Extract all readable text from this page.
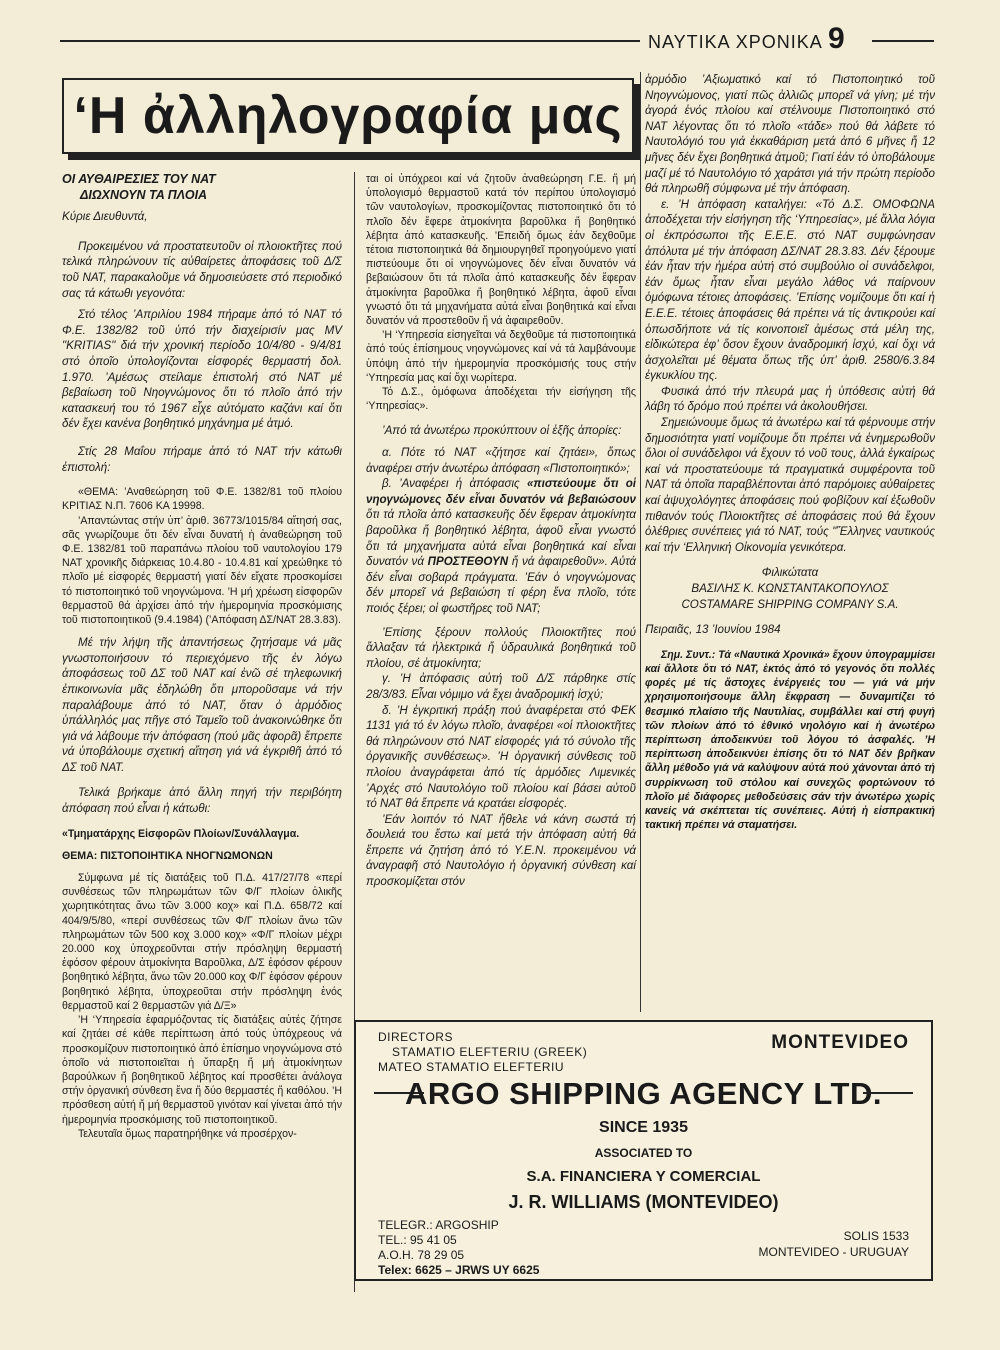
ΝΑΥΤΙΚΑ ΧΡΟΝΙΚΑ 9
‘Η ἀλληλογραφία μας

ΟΙ ΑΥΘΑΙΡΕΣΙΕΣ ΤΟΥ ΝΑΤ

ΔΙΩΧΝΟΥΝ ΤΑ ΠΛΟΙΑ

Κύριε Διευθυντά,

Προκειμένου νά προστατευτοῦν οἱ πλοιοκτῆτες πού τελικά πληρώνουν τίς αὐθαίρετες ἀποφάσεις τοῦ Δ/Σ τοῦ ΝΑΤ, παρακαλοῦμε νά δημοσιεύσετε στό περιοδικό σας τά κάτωθι γεγονότα:

Στό τέλος ’Απριλίου 1984 πήραμε ἀπό τό ΝΑΤ τό Φ.Ε. 1382/82 τοῦ ὑπό τήν διαχείρισίν μας MV "KRITIAS" διά τήν χρονική περίοδο 10/4/80 - 9/4/81 στό ὁποῖο ὑπολογίζονται εἰσφορές θερμαστή δολ. 1.970. ’Αμέσως στείλαμε ἐπιστολή στό ΝΑΤ μέ βεβαίωση τοῦ Νηογνώμονος ὅτι τό πλοῖο ἀπό τήν κατασκευή του τό 1967 εἶχε αὐτόματο καζάνι καί ὅτι δέν ἔχει κανένα βοηθητικό μηχάνημα μέ ἀτμό.

Στίς 28 Μαΐου πήραμε ἀπό τό ΝΑΤ τήν κάτωθι ἐπιστολή:

«ΘΕΜΑ: ’Αναθεώρηση τοῦ Φ.Ε. 1382/81 τοῦ πλοίου ΚΡΙΤΙΑΣ Ν.Π. 7606 ΚΑ 19998.

’Απαντώντας στήν ὑπ’ ἀριθ. 36773/1015/84 αἴτησή σας, σᾶς γνωρίζουμε ὅτι δέν εἶναι δυνατή ἡ ἀναθεώρηση τοῦ Φ.Ε. 1382/81 τοῦ παραπάνω πλοίου τοῦ ναυτολογίου 179 ΝΑΤ χρονικῆς διάρκειας 10.4.80 - 10.4.81 καί χρεώθηκε τό πλοῖο μέ εἰσφορές θερμαστή γιατί δέν εἴχατε προσκομίσει τό πιστοποιητικό τοῦ νηογνώμονα. ’Η μή χρέωση εἰσφορῶν θερμαστοῦ θά ἀρχίσει ἀπό τήν ἡμερομηνία προσκόμισης τοῦ πιστοποιητικοῦ (9.4.1984) (’Απόφαση ΔΣ/ΝΑΤ 28.3.83).

Μέ τήν λήψη τῆς ἀπαντήσεως ζητήσαμε νά μᾶς γνωστοποιήσουν τό περιεχόμενο τῆς ἐν λόγω ἀποφάσεως τοῦ ΔΣ τοῦ ΝΑΤ καί ἐνῶ σέ τηλεφωνική ἐπικοινωνία μᾶς ἐδηλώθη ὅτι μποροῦσαμε νά τήν παραλάβουμε ἀπό τό ΝΑΤ, ὅταν ὁ ἁρμόδιος ὑπάλληλός μας πῆγε στό Ταμεῖο τοῦ ἀνακοινώθηκε ὅτι γιά νά λάβουμε τήν ἀπόφαση (πού μᾶς ἀφορᾶ) ἔπρεπε νά ὑποβάλουμε σχετική αἴτηση γιά νά ἐγκριθῆ ἀπό τό ΔΣ τοῦ ΝΑΤ.

Τελικά βρήκαμε ἀπό ἄλλη πηγή τήν περιβόητη ἀπόφαση πού εἶναι ἡ κάτωθι:

«Τμηματάρχης Εἰσφορῶν Πλοίων/Συνάλλαγμα.

ΘΕΜΑ: ΠΙΣΤΟΠΟΙΗΤΙΚΑ ΝΗΟΓΝΩΜΟΝΩΝ

Σύμφωνα μέ τίς διατάξεις τοῦ Π.Δ. 417/27/78 «περί συνθέσεως τῶν πληρωμάτων τῶν Φ/Γ πλοίων ὁλικῆς χωρητικότητας ἄνω τῶν 3.000 κοχ» καί Π.Δ. 658/72 καί 404/9/5/80, «περί συνθέσεως τῶν Φ/Γ πλοίων ἄνω τῶν πληρωμάτων τῶν 500 κοχ 3.000 κοχ» «Φ/Γ πλοίων μέχρι 20.000 κοχ ὑποχρεοῦνται στήν πρόσληψη θερμαστή ἐφόσον φέρουν ἀτμοκίνητα Βαροῦλκα, Δ/Σ ἐφόσον φέρουν βοηθητικό λέβητα, ἄνω τῶν 20.000 κοχ Φ/Γ ἐφόσον φέρουν βοηθητικό λέβητα, ὑποχρεοῦται στήν πρόσληψη ἑνός θερμαστοῦ καί 2 θερμαστῶν γιά Δ/Ξ»

’Η ‘Υπηρεσία ἐφαρμόζοντας τίς διατάξεις αὐτές ζήτησε καί ζητάει σέ κάθε περίπτωση ἀπό τούς ὑπόχρεους νά προσκομίζουν πιστοποιητικό ἀπό ἐπίσημο νηογνώμονα στό ὁποῖο νά πιστοποιεῖται ἡ ὕπαρξη ἤ μή ἀτμοκίνητων βαρούλκων ἤ βοηθητικοῦ λέβητος καί προσθέτει ἀνάλογα στήν ὀργανική σύνθεση ἕνα ἤ δύο θερμαστές ἤ καθόλου. ’Η πρόσθεση αὐτή ἤ μή θερμαστοῦ γινόταν καί γίνεται ἀπό τήν ἡμερομηνία προσκόμισης τοῦ πιστοποιητικοῦ.

Τελευταῖα ὅμως παρατηρήθηκε νά προσέρχον-

ται οἱ ὑπόχρεοι καί νά ζητοῦν ἀναθεώρηση Γ.Ε. ἤ μή ὑπολογισμό θερμαστοῦ κατά τόν περίπου ὑπολογισμό τῶν ναυτολογίων, προσκομίζοντας πιστοποιητικό ὅτι τό πλοῖο δέν ἔφερε ἀτμοκίνητα βαροῦλκα ἤ βοηθητικό λέβητα ἀπό κατασκευῆς. ’Επειδή ὅμως ἐάν δεχθοῦμε τέτοια πιστοποιητικά θά δημιουργηθεῖ προηγούμενο γιατί πιστεύουμε ὅτι οἱ νηογνώμονες δέν εἶναι δυνατόν νά βεβαιώσουν ὅτι τά πλοῖα ἀπό κατασκευῆς δέν ἔφεραν ἀτμοκίνητα βαροῦλκα ἤ βοηθητικό λέβητα, ἀφοῦ εἶναι γνωστό ὅτι τά μηχανήματα αὐτά εἶναι βοηθητικά καί εἶναι δυνατόν νά προστεθοῦν ἤ νά ἀφαιρεθοῦν.

’Η ‘Υπηρεσία εἰσηγεῖται νά δεχθοῦμε τά πιστοποιητικά ἀπό τούς ἐπίσημους νηογνώμονες καί νά τά λαμβάνουμε ὑπόψη ἀπό τήν ἡμερομηνία προσκόμισής τους στήν ‘Υπηρεσία μας καί ὄχι νωρίτερα.

Τό Δ.Σ., ὁμόφωνα ἀποδέχεται τήν εἰσήγηση τῆς ‘Υπηρεσίας».

’Από τά ἀνωτέρω προκύπτουν οἱ ἑξῆς ἀπορίες:

α. Πότε τό ΝΑΤ «ζήτησε καί ζητάει», ὅπως ἀναφέρει στήν ἀνωτέρω ἀπόφαση «Πιστοποιητικό»;

β. ’Αναφέρει ἡ ἀπόφασις «πιστεύουμε ὅτι οἱ νηογνώμονες δέν εἶναι δυνατόν νά βεβαιώσουν ὅτι τά πλοῖα ἀπό κατασκευῆς δέν ἔφεραν ἀτμοκίνητα βαροῦλκα ἤ βοηθητικό λέβητα, ἀφοῦ εἶναι γνωστό ὅτι τά μηχανήματα αὐτά εἶναι βοηθητικά καί εἶναι δυνατόν νά ΠΡΟΣΤΕΘΟΥΝ ἤ νά ἀφαιρεθοῦν». Αὐτά δέν εἶναι σοβαρά πράγματα. ’Εάν ὁ νηογνώμονας δέν μπορεῖ νά βεβαιώση τί φέρη ἕνα πλοῖο, τότε ποιός ξέρει; οἱ φωστῆρες τοῦ ΝΑΤ;

’Επίσης ξέρουν πολλούς Πλοιοκτῆτες πού ἄλλαξαν τά ἠλεκτρικά ἤ ὑδραυλικά βοηθητικά τοῦ πλοίου, σέ ἀτμοκίνητα;

γ. ’Η ἀπόφασις αὐτή τοῦ Δ/Σ πάρθηκε στίς 28/3/83. Εἶναι νόμιμο νά ἔχει ἀναδρομική ἰσχύ;

δ. ’Η ἐγκριτική πράξη πού ἀναφέρεται στό ΦΕΚ 1131 γιά τό ἐν λόγω πλοῖο, ἀναφέρει «οἱ πλοιοκτῆτες θά πληρώνουν στό ΝΑΤ εἰσφορές γιά τό σύνολο τῆς ὀργανικῆς συνθέσεως». ’Η ὀργανική σύνθεσις τοῦ πλοίου ἀναγράφεται ἀπό τίς ἁρμόδιες Λιμενικές ’Αρχές στό Ναυτολόγιο τοῦ πλοίου καί βάσει αὐτοῦ τό ΝΑΤ θά ἔπρεπε νά κρατάει εἰσφορές.

’Εάν λοιπόν τό ΝΑΤ ἤθελε νά κάνη σωστά τή δουλειά του ἔστω καί μετά τήν ἀπόφαση αὐτή θά ἔπρεπε νά ζητήση ἀπό τό Υ.Ε.Ν. προκειμένου νά ἀναγραφῆ στό Ναυτολόγιο ἡ ὀργανική σύνθεση καί προσκομίζεται στόν

ἁρμόδιο ’Αξιωματικό καί τό Πιστοποιητικό τοῦ Νηογνώμονος, γιατί πῶς ἀλλιῶς μπορεῖ νά γίνη; μέ τήν ἀγορά ἑνός πλοίου καί στέλνουμε Πιστοποιητικό στό ΝΑΤ λέγοντας ὅτι τό πλοῖο «τάδε» πού θά λάβετε τό Ναυτολόγιό του γιά ἐκκαθάριση μετά ἀπό 6 μῆνες ἤ 12 μῆνες δέν ἔχει βοηθητικά ἀτμοῦ; Γιατί ἐάν τό ὑποβάλουμε μαζί μέ τό Ναυτολόγιο τό χαράτσι γιά τήν πρώτη περίοδο θά πληρωθῆ σύμφωνα μέ τήν ἀπόφαση.

ε. ’Η ἀπόφαση καταλήγει: «Τό Δ.Σ. ΟΜΟΦΩΝΑ ἀποδέχεται τήν εἰσήγηση τῆς ‘Υπηρεσίας», μέ ἄλλα λόγια οἱ ἐκπρόσωποι τῆς Ε.Ε.Ε. στό ΝΑΤ συμφώνησαν ἀπόλυτα μέ τήν ἀπόφαση ΔΣ/ΝΑΤ 28.3.83. Δέν ξέρουμε ἐάν ἦταν τήν ἡμέρα αὐτή στό συμβούλιο οἱ συνάδελφοι, ἐάν ὅμως ἦταν εἶναι μεγάλο λάθος νά παίρνουν ὁμόφωνα τέτοιες ἀποφάσεις. ’Επίσης νομίζουμε ὅτι καί ἡ Ε.Ε.Ε. τέτοιες ἀποφάσεις θά πρέπει νά τίς ἀντικρούει καί ὁπωσδήποτε νά τίς κοινοποιεῖ ἀμέσως στά μέλη της, εἰδικώτερα ἐφ’ ὅσον ἔχουν ἀναδρομική ἰσχύ, καί ὄχι νά ἀσχολεῖται μέ θέματα ὅπως τῆς ὑπ’ ἀριθ. 2580/6.3.84 ἐγκυκλίου της.

Φυσικά ἀπό τήν πλευρά μας ἡ ὑπόθεσις αὐτή θά λάβη τό δρόμο πού πρέπει νά ἀκολουθήσει.

Σημειώνουμε ὅμως τά ἀνωτέρω καί τά φέρνουμε στήν δημοσιότητα γιατί νομίζουμε ὅτι πρέπει νά ἐνημερωθοῦν ὅλοι οἱ συνάδελφοι νά ἔχουν τό νοῦ τους, ἀλλά ἐγκαίρως καί νά προστατεύουμε τά πραγματικά συμφέροντα τοῦ ΝΑΤ τά ὁποῖα παραβλέπονται ἀπό παρόμοιες αὐθαίρετες καί ἀψυχολόγητες ἀποφάσεις πού φοβίζουν καί ἐξωθοῦν πιθανόν τούς Πλοιοκτῆτες σέ ἀποφάσεις πού θά ἔχουν ὀλέθριες συνέπειες γιά τό ΝΑΤ, τούς "Ἕλληνες ναυτικούς καί τήν ‘Ελληνική Οἰκονομία γενικότερα.

Φιλικώτατα

ΒΑΣΙΛΗΣ Κ. ΚΩΝΣΤΑΝΤΑΚΟΠΟΥΛΟΣ

COSTAMARE SHIPPING COMPANY S.A.

Πειραιᾶς, 13 ’Ιουνίου 1984

Σημ. Συντ.: Τά «Ναυτικά Χρονικά» ἔχουν ὑπογραμμίσει καί ἄλλοτε ὅτι τό ΝΑΤ, ἐκτός ἀπό τό γεγονός ὅτι πολλές φορές μέ τίς ἄστοχες ἐνέργειές του — γιά νά μήν χρησιμοποιήσουμε ἄλλη ἔκφραση — δυναμιτίζει τό θεσμικό πλαίσιο τῆς Ναυτιλίας, συμβάλλει καί στή φυγή τῶν πλοίων ἀπό τό ἐθνικό νηολόγιο καί ἡ ἀνωτέρω περίπτωση ἀποδεικνύει τοῦ λόγου τό ἀσφαλές. ’Η περίπτωση ἀποδεικνύει ἐπίσης ὅτι τό ΝΑΤ δέν βρῆκαν ἄλλη μέθοδο γιά νά καλύψουν αὐτά πού χάνονται ἀπό τή συρρίκνωση τοῦ στόλου καί συνεχῶς φορτώνουν τό πλοῖο μέ διάφορες μεθοδεύσεις σάν τήν ἀνωτέρω χωρίς κανείς νά σκέπτεται τίς συνέπειες. Αὐτή ἡ εἰσπρακτική τακτική πρέπει νά σταματήσει.

DIRECTORS
STAMATIO ELEFTERIU (GREEK)
MATEO STAMATIO ELEFTERIU
MONTEVIDEO
ARGO SHIPPING AGENCY LTD.
SINCE 1935
ASSOCIATED TO
S.A. FINANCIERA Y COMERCIAL
J. R. WILLIAMS (MONTEVIDEO)
TELEGR.: ARGOSHIP
TEL.: 95 41 05
A.O.H. 78 29 05
Telex: 6625 – JRWS UY 6625
SOLIS 1533
MONTEVIDEO - URUGUAY
